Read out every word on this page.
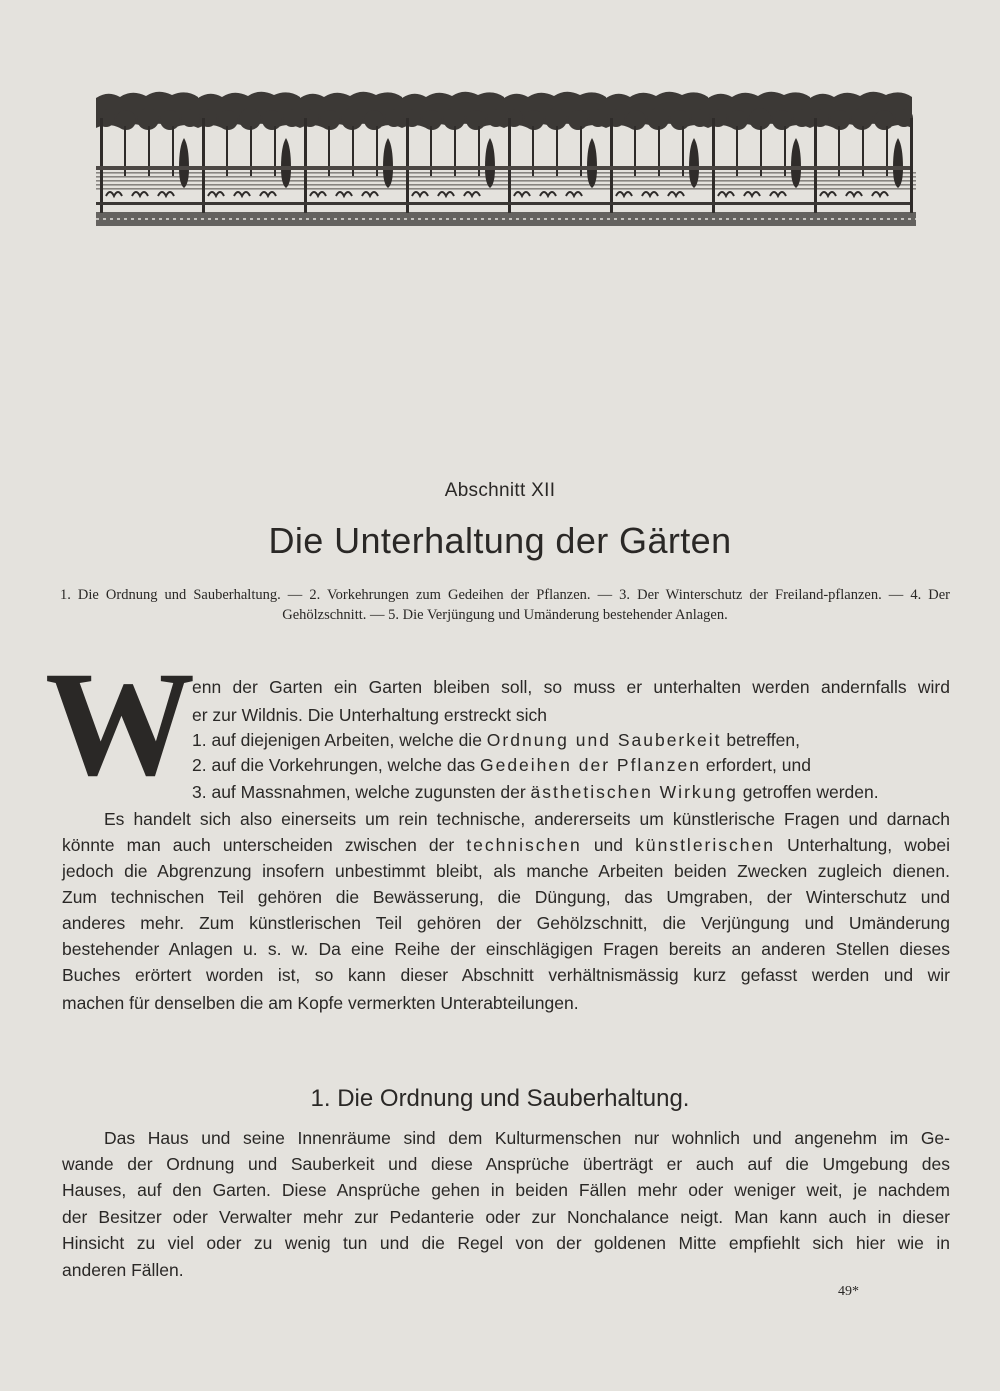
Abschnitt XII
Die Unterhaltung der Gärten
1. Die Ordnung und Sauberhaltung. — 2. Vorkehrungen zum Gedeihen der Pflanzen. — 3. Der Winterschutz der Freiland-pflanzen. — 4. Der Gehölzschnitt. — 5. Die Verjüngung und Umänderung bestehender Anlagen.
W
enn der Garten ein Garten bleiben soll, so muss er unterhalten werden andernfalls wird
er zur Wildnis. Die Unterhaltung erstreckt sich
1. auf diejenigen Arbeiten, welche die Ordnung und Sauberkeit betreffen,
2. auf die Vorkehrungen, welche das Gedeihen der Pflanzen erfordert, und
3. auf Massnahmen, welche zugunsten der ästhetischen Wirkung getroffen werden.
Es handelt sich also einerseits um rein technische, andererseits um künstlerische Fragen und darnach
könnte man auch unterscheiden zwischen der technischen und künstlerischen Unterhaltung, wobei
jedoch die Abgrenzung insofern unbestimmt bleibt, als manche Arbeiten beiden Zwecken zugleich dienen.
Zum technischen Teil gehören die Bewässerung, die Düngung, das Umgraben, der Winterschutz und
anderes mehr. Zum künstlerischen Teil gehören der Gehölzschnitt, die Verjüngung und Umänderung
bestehender Anlagen u. s. w. Da eine Reihe der einschlägigen Fragen bereits an anderen Stellen dieses
Buches erörtert worden ist, so kann dieser Abschnitt verhältnismässig kurz gefasst werden und wir
machen für denselben die am Kopfe vermerkten Unterabteilungen.
1. Die Ordnung und Sauberhaltung.
Das Haus und seine Innenräume sind dem Kulturmenschen nur wohnlich und angenehm im Ge-
wande der Ordnung und Sauberkeit und diese Ansprüche überträgt er auch auf die Umgebung des
Hauses, auf den Garten. Diese Ansprüche gehen in beiden Fällen mehr oder weniger weit, je nachdem
der Besitzer oder Verwalter mehr zur Pedanterie oder zur Nonchalance neigt. Man kann auch in dieser
Hinsicht zu viel oder zu wenig tun und die Regel von der goldenen Mitte empfiehlt sich hier wie in
anderen Fällen.
49*
